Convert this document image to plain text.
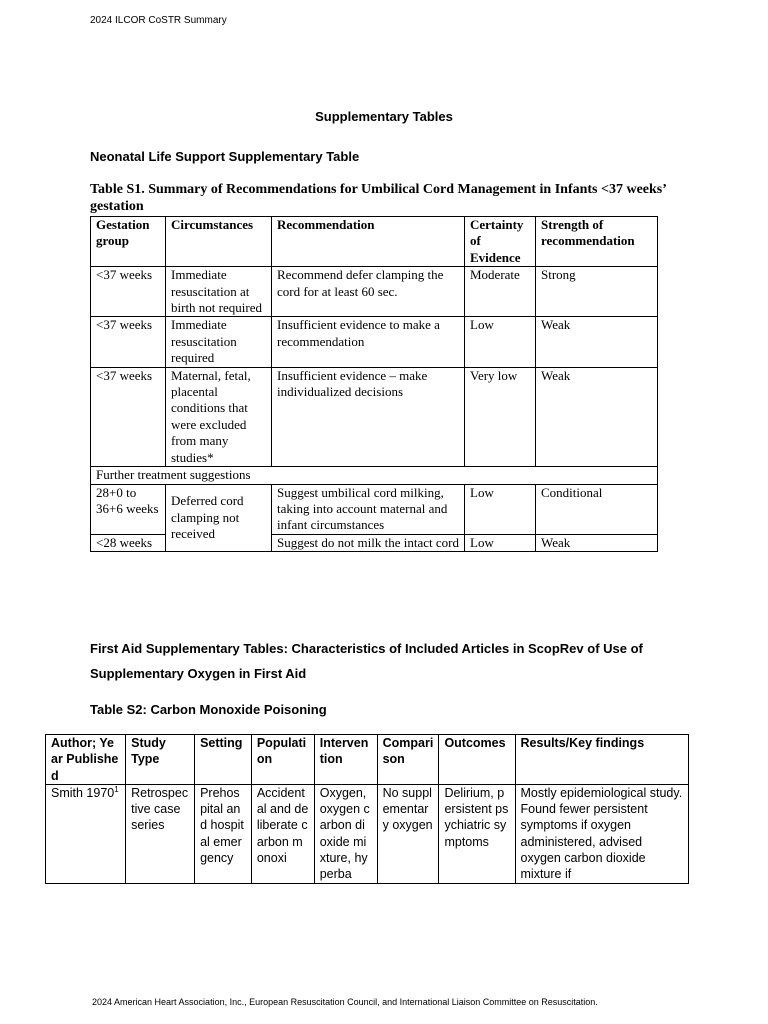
2024 ILCOR CoSTR Summary
Supplementary Tables
Neonatal Life Support Supplementary Table
Table S1. Summary of Recommendations for Umbilical Cord Management in Infants <37 weeks’ gestation
Gestation group	Circumstances	Recommendation	Certainty of Evidence	Strength of recommendation
<37 weeks	Immediate resuscitation at birth not required	Recommend defer clamping the cord for at least 60 sec.	Moderate	Strong
<37 weeks	Immediate resuscitation required	Insufficient evidence to make a recommendation	Low	Weak
<37 weeks	Maternal, fetal, placental conditions that were excluded from many studies*	Insufficient evidence – make individualized decisions	Very low	Weak
Further treatment suggestions				
28+0 to 36+6 weeks	Deferred cord clamping not received	Suggest umbilical cord milking, taking into account maternal and infant circumstances	Low	Conditional
<28 weeks		Suggest do not milk the intact cord	Low	Weak
First Aid Supplementary Tables: Characteristics of Included Articles in ScopRev of Use of Supplementary Oxygen in First Aid
Table S2: Carbon Monoxide Poisoning
Author; Year Published	Study Type	Setting	Population	Intervention	Comparison	Outcomes	Results/Key findings
Smith 1970$^1$	Retrospective case series	Prehospital and hospital emergency	Accidental and deliberate carbon monoxi	Oxygen, oxygen carbon dioxide mixture, hyperba	No supplementary oxygen	Delirium, persistent psychiatric symptoms	Mostly epidemiological study. Found fewer persistent symptoms if oxygen administered, advised oxygen carbon dioxide mixture if
2024 American Heart Association, Inc., European Resuscitation Council, and International Liaison Committee on Resuscitation.
